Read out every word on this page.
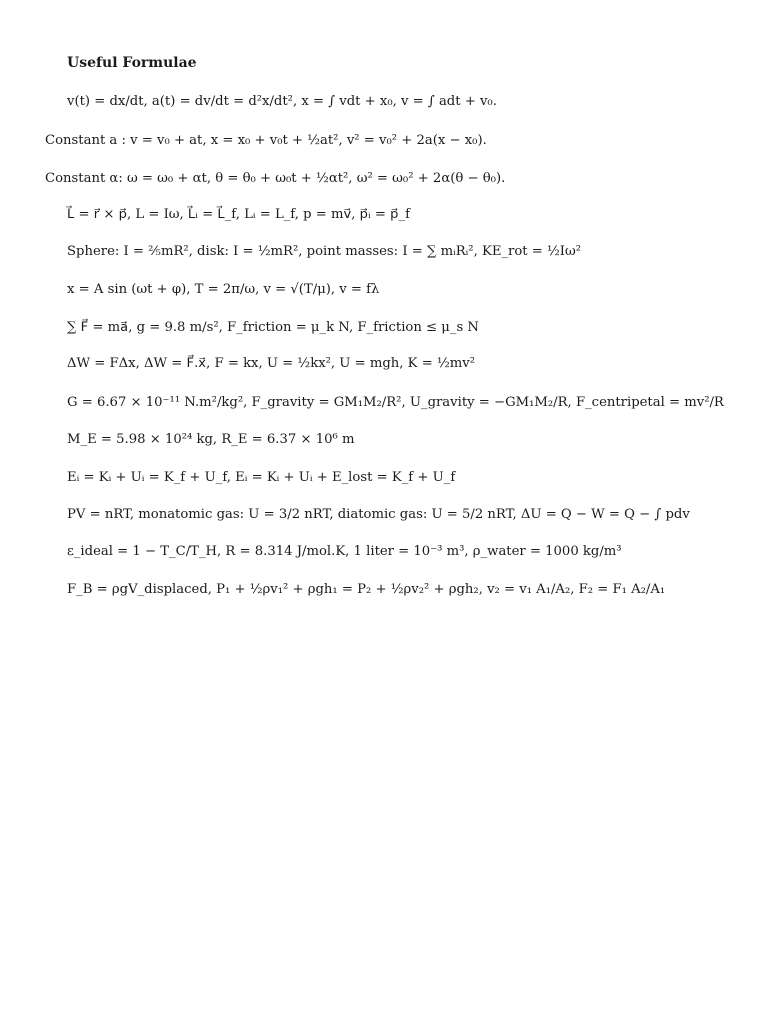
Useful Formulae
v(t) = dx/dt, a(t) = dv/dt = d²x/dt², x = ∫ vdt + x₀, v = ∫ adt + v₀.
Constant a : v = v₀ + at, x = x₀ + v₀t + ½at², v² = v₀² + 2a(x − x₀).
Constant α: ω = ω₀ + αt, θ = θ₀ + ω₀t + ½αt², ω² = ω₀² + 2α(θ − θ₀).
L⃗ = r⃗ × p⃗, L = Iω, L⃗ᵢ = L⃗_f, Lᵢ = L_f, p = mv⃗, p⃗ᵢ = p⃗_f
Sphere: I = ⅖mR², disk: I = ½mR², point masses: I = ∑ mᵢRᵢ², KE_rot = ½Iω²
x = A sin (ωt + φ), T = 2π/ω, v = √(T/μ), v = fλ
∑ F⃗ = ma⃗, g = 9.8 m/s², F_friction = μ_k N, F_friction ≤ μ_s N
ΔW = FΔx, ΔW = F⃗.x⃗, F = kx, U = ½kx², U = mgh, K = ½mv²
G = 6.67 × 10⁻¹¹ N.m²/kg², F_gravity = GM₁M₂/R², U_gravity = −GM₁M₂/R, F_centripetal = mv²/R
M_E = 5.98 × 10²⁴ kg, R_E = 6.37 × 10⁶ m
Eᵢ = Kᵢ + Uᵢ = K_f + U_f, Eᵢ = Kᵢ + Uᵢ + E_lost = K_f + U_f
PV = nRT, monatomic gas: U = 3/2 nRT, diatomic gas: U = 5/2 nRT, ΔU = Q − W = Q − ∫ pdv
ε_ideal = 1 − T_C/T_H, R = 8.314 J/mol.K, 1 liter = 10⁻³ m³, ρ_water = 1000 kg/m³
F_B = ρgV_displaced, P₁ + ½ρv₁² + ρgh₁ = P₂ + ½ρv₂² + ρgh₂, v₂ = v₁ A₁/A₂, F₂ = F₁ A₂/A₁
